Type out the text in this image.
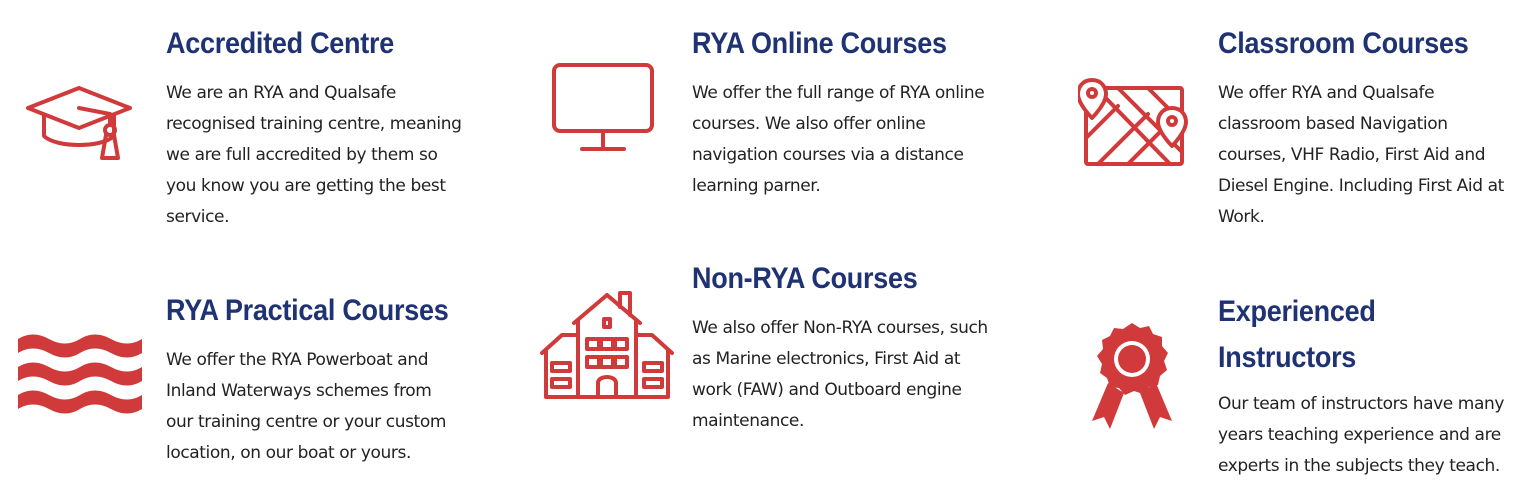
Accredited Centre

We are an RYA and Qualsafe
recognised training centre, meaning
we are full accredited by them so
you know you are getting the best
service.

RYA Online Courses

We offer the full range of RYA online
courses. We also offer online
navigation courses via a distance
learning parner.

Classroom Courses

We offer RYA and Qualsafe
classroom based Navigation
courses, VHF Radio, First Aid and
Diesel Engine. Including First Aid at
Work.

RYA Practical Courses

We offer the RYA Powerboat and
Inland Waterways schemes from
our training centre or your custom
location, on our boat or yours.

Non-RYA Courses

We also offer Non-RYA courses, such
as Marine electronics, First Aid at
work (FAW) and Outboard engine
maintenance.

Experienced
Instructors

Our team of instructors have many
years teaching experience and are
experts in the subjects they teach.
